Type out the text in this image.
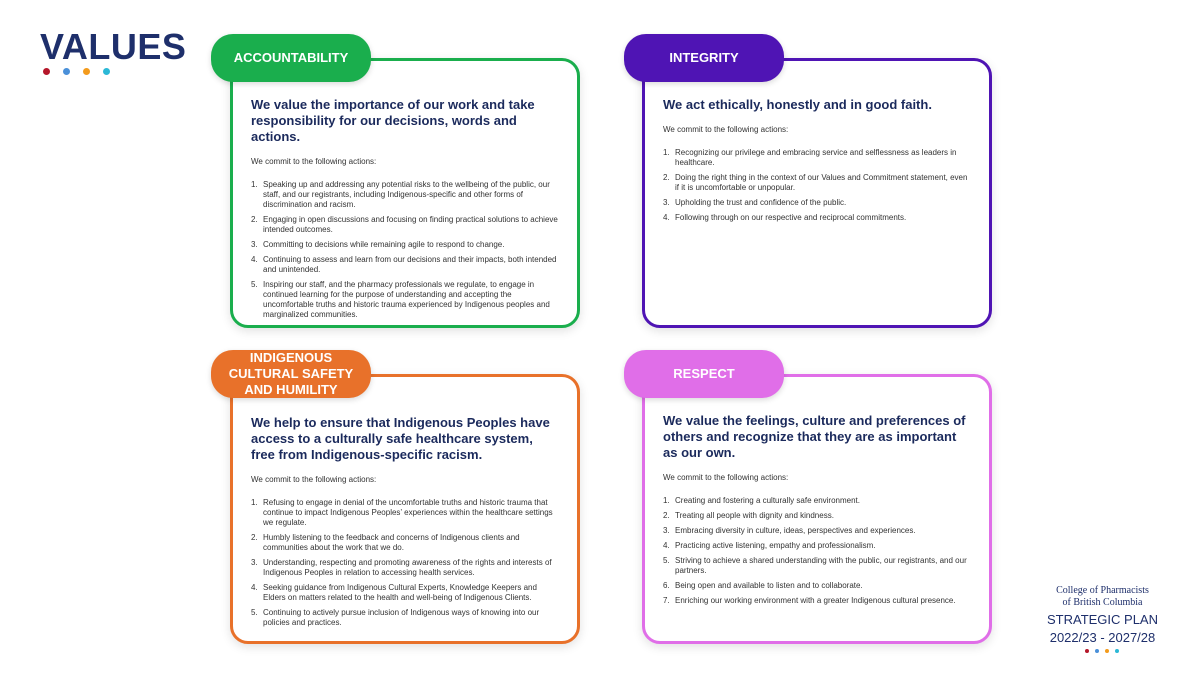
VALUES

We value the importance of our work and take responsibility for our decisions, words and actions.

We commit to the following actions:

1. Speaking up and addressing any potential risks to the wellbeing of the public, our staff, and our registrants, including Indigenous-specific and other forms of discrimination and racism.
2. Engaging in open discussions and focusing on finding practical solutions to achieve intended outcomes.
3. Committing to decisions while remaining agile to respond to change.
4. Continuing to assess and learn from our decisions and their impacts, both intended and unintended.
5. Inspiring our staff, and the pharmacy professionals we regulate, to engage in continued learning for the purpose of understanding and accepting the uncomfortable truths and historic trauma experienced by Indigenous peoples and marginalized communities.
ACCOUNTABILITY

We act ethically, honestly and in good faith.

We commit to the following actions:

1. Recognizing our privilege and embracing service and selflessness as leaders in healthcare.
2. Doing the right thing in the context of our Values and Commitment statement, even if it is uncomfortable or unpopular.
3. Upholding the trust and confidence of the public.
4. Following through on our respective and reciprocal commitments.
INTEGRITY

We help to ensure that Indigenous Peoples have access to a culturally safe healthcare system, free from Indigenous-specific racism.

We commit to the following actions:

1. Refusing to engage in denial of the uncomfortable truths and historic trauma that continue to impact Indigenous Peoples’ experiences within the healthcare settings we regulate.
2. Humbly listening to the feedback and concerns of Indigenous clients and communities about the work that we do.
3. Understanding, respecting and promoting awareness of the rights and interests of Indigenous Peoples in relation to accessing health services.
4. Seeking guidance from Indigenous Cultural Experts, Knowledge Keepers and Elders on matters related to the health and well-being of Indigenous Clients.
5. Continuing to actively pursue inclusion of Indigenous ways of knowing into our policies and practices.
INDIGENOUS CULTURAL SAFETY AND HUMILITY

We value the feelings, culture and preferences of others and recognize that they are as important as our own.

We commit to the following actions:

1. Creating and fostering a culturally safe environment.
2. Treating all people with dignity and kindness.
3. Embracing diversity in culture, ideas, perspectives and experiences.
4. Practicing active listening, empathy and professionalism.
5. Striving to achieve a shared understanding with the public, our registrants, and our partners.
6. Being open and available to listen and to collaborate.
7. Enriching our working environment with a greater Indigenous cultural presence.
RESPECT
College of Pharmacists
of British Columbia
STRATEGIC PLAN
2022/23 - 2027/28
